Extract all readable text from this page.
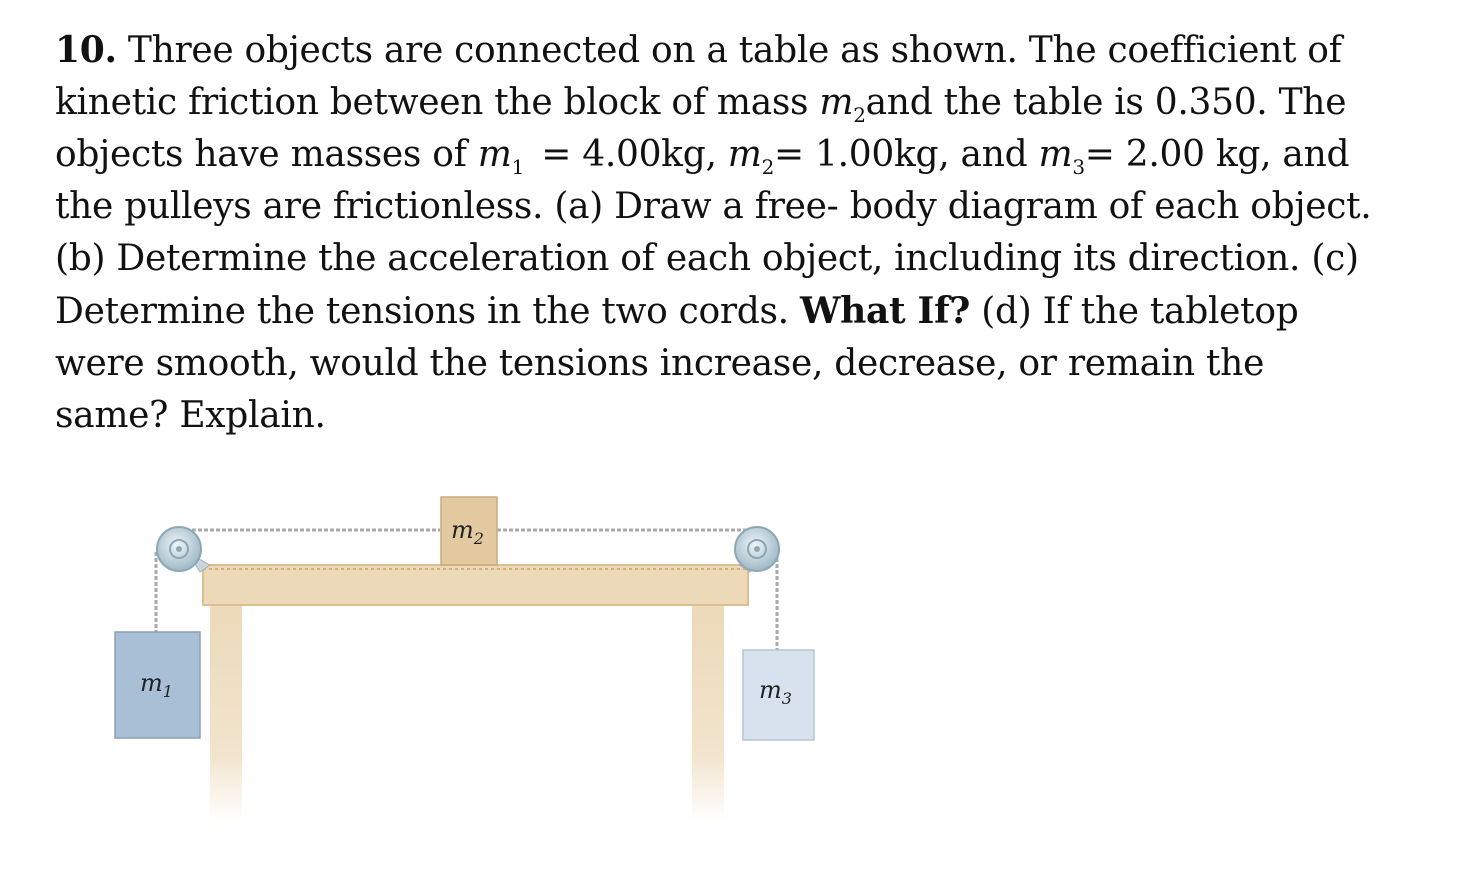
10. Three objects are connected on a table as shown. The coefficient of
kinetic friction between the block of mass $m_2and$ the table is 0.350. The
objects have masses of $m_1 = 4.00kg$, $m_2= 1.00kg$, and $m_3= 2.00$ kg, and
the pulleys are frictionless. (a) Draw a free- body diagram of each object.
(b) Determine the acceleration of each object, including its direction. (c)
Determine the tensions in the two cords. What If? (d) If the tabletop
were smooth, would the tensions increase, decrease, or remain the
same? Explain.
$m_2$
$m_1$	$m_3$
